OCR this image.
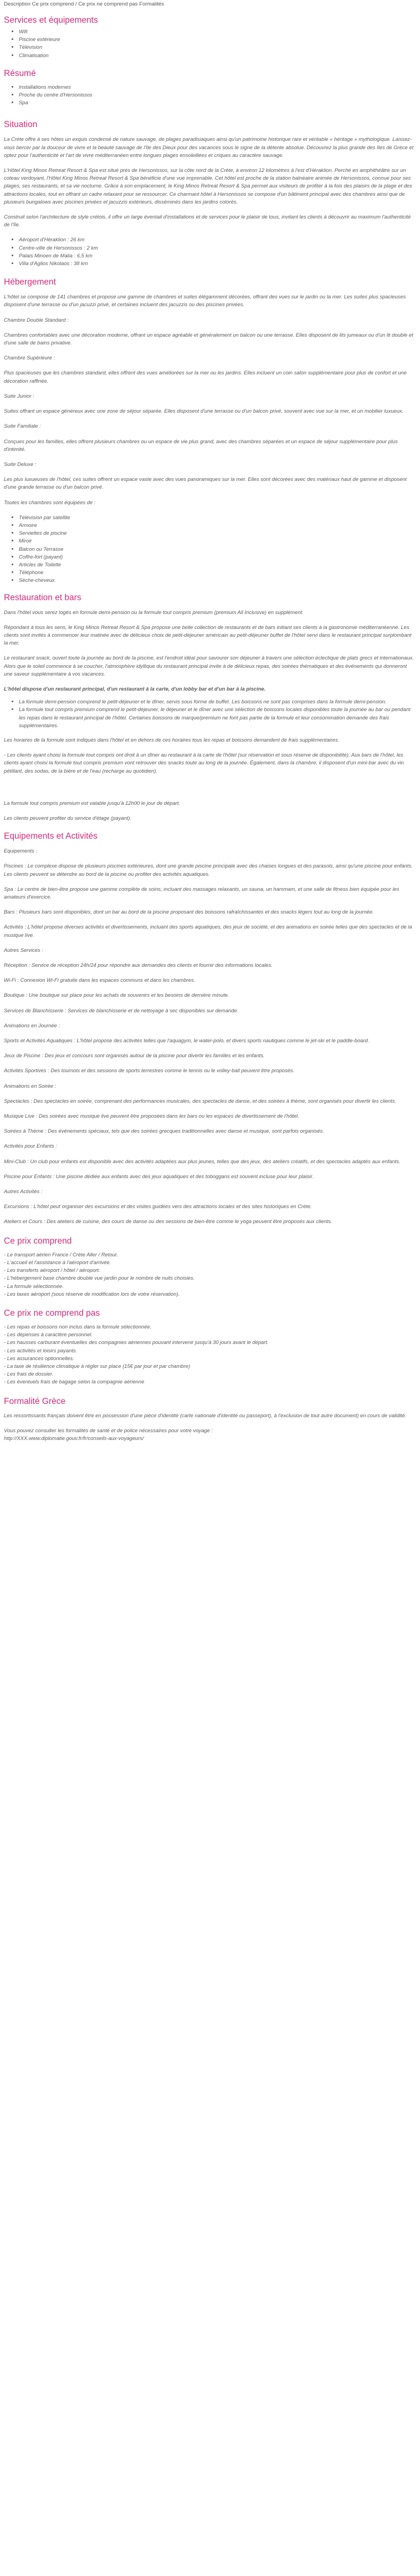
Description Ce prix comprend / Ce prix ne comprend pas Formalités

Services et équipements
• Wifi
• Piscine extérieure
• Télévision
• Climatisation
Résumé
• Installations modernes
• Proche du centre d'Hersonissos
• Spa
Situation

La Crète offre à ses hôtes un exquis condensé de nature sauvage, de plages paradisiaques ainsi qu'un patrimoine historique rare et véritable « héritage » mythologique. Laissez-vous bercer par la douceur de vivre et la beauté sauvage de l'Ile des Dieux pour des vacances sous le signe de la détente absolue. Découvrez la plus grande des îles de Grèce et optez pour l'authenticité et l'art de vivre méditerranéen entre longues plages ensoleillées et criques au caractère sauvage.

L'Hôtel King Minos Retreat Resort & Spa est situé près de Hersonissos, sur la côte nord de la Crète, à environ 12 kilomètres à l'est d'Héraklion. Perché en amphithéâtre sur un coteau verdoyant, l'Hôtel King Minos Retreat Resort & Spa bénéficie d'une vue imprenable. Cet hôtel est proche de la station balnéaire animée de Hersonissos, connue pour ses plages, ses restaurants, et sa vie nocturne. Grâce à son emplacement, le King Minos Retreat Resort & Spa permet aux visiteurs de profiter à la fois des plaisirs de la plage et des attractions locales, tout en offrant un cadre relaxant pour se ressourcer. Ce charmant hôtel à Hersonissos se compose d'un bâtiment principal avec des chambres ainsi que de plusieurs bungalows avec piscines privées et jacuzzis extérieurs, disséminés dans les jardins colorés.

Construit selon l'architecture de style crétois, il offre un large éventail d'installations et de services pour le plaisir de tous, invitant les clients à découvrir au maximum l'authenticité de l'île.

• Aéroport d'Héraklion : 26 km
• Centre-ville de Hersonissos : 2 km
• Palais Minoen de Malia : 6,5 km
• Villa d'Aglios Nikolaos : 38 km
Hébergement

L'hôtel se compose de 141 chambres et propose une gamme de chambres et suites élégamment décorées, offrant des vues sur le jardin ou la mer. Les suites plus spacieuses disposent d'une terrasse ou d'un jacuzzi privé, et certaines incluent des jacuzzis ou des piscines privées.

Chambre Double Standard :

Chambres confortables avec une décoration moderne, offrant un espace agréable et généralement un balcon ou une terrasse. Elles disposent de lits jumeaux ou d'un lit double et d'une salle de bains privative.

Chambre Supérieure :

Plus spacieuses que les chambres standard, elles offrent des vues améliorées sur la mer ou les jardins. Elles incluent un coin salon supplémentaire pour plus de confort et une décoration raffinée.

Suite Junior :

Suites offrant un espace généreux avec une zone de séjour séparée. Elles disposent d'une terrasse ou d'un balcon privé, souvent avec vue sur la mer, et un mobilier luxueux.

Suite Familiale :

Conçues pour les familles, elles offrent plusieurs chambres ou un espace de vie plus grand, avec des chambres séparées et un espace de séjour supplémentaire pour plus d'intimité.

Suite Deluxe :

Les plus luxueuses de l'hôtel, ces suites offrent un espace vaste avec des vues panoramiques sur la mer. Elles sont décorées avec des matériaux haut de gamme et disposent d'une grande terrasse ou d'un balcon privé.

Toutes les chambres sont équipées de :

• Télévision par satellite
• Armoire
• Serviettes de piscine
• Miroir
• Balcon ou Terrasse
• Coffre-fort (payant)
• Articles de Toilette
• Téléphone
• Sèche-cheveux
Restauration et bars

Dans l'hôtel vous serez logés en formule demi-pension ou la formule tout compris premium (premium All Inclusive) en supplément.

Répondant à tous les sens, le King Minos Retreat Resort & Spa propose une belle collection de restaurants et de bars initiant ses clients à la gastronomie méditerranéenne. Les clients sont invités à commencer leur matinée avec de délicieux choix de petit-déjeuner américain au petit-déjeuner buffet de l'hôtel servi dans le restaurant principal surplombant la mer.

Le restaurant snack, ouvert toute la journée au bord de la piscine, est l'endroit idéal pour savourer son déjeuner à travers une sélection éclectique de plats grecs et internationaux. Alors que le soleil commence à se coucher, l'atmosphère idyllique du restaurant principal invite à de délicieux repas, des soirées thématiques et des événements qui donneront une saveur supplémentaire à vos vacances.

L'hôtel dispose d'un restaurant principal, d'un restaurant à la carte, d'un lobby bar et d'un bar à la piscine.

• La formule demi-pension comprend le petit-déjeuner et le dîner, servis sous forme de buffet. Les boissons ne sont pas comprises dans la formule demi-pension.
• La formule tout compris premium comprend le petit-déjeuner, le déjeuner et le dîner avec une sélection de boissons locales disponibles toute la journée au bar ou pendant les repas dans le restaurant principal de l'hôtel. Certaines boissons de marque/premium ne font pas partie de la formule et leur consommation demande des frais supplémentaires.

Les horaires de la formule sont indiqués dans l'hôtel et en dehors de ces horaires tous les repas et boissons demandent de frais supplémentaires.

- Les clients ayant choisi la formule tout compris ont droit à un dîner au restaurant à la carte de l'hôtel (sur réservation et sous réserve de disponibilité). Aux bars de l'hôtel, les clients ayant choisi la formule tout compris premium vont retrouver des snacks toute au long de la journée. Également, dans la chambre, il disposent d'un mini-bar avec du vin pétillant, des sodas, de la bière et de l'eau (recharge au quotidien).

La formule tout compris premium est valable jusqu'à 12h00 le jour de départ.

Les clients peuvent profiter du service d'étage (payant).

Equipements et Activités

Equipements :

Piscines : Le complexe dispose de plusieurs piscines extérieures, dont une grande piscine principale avec des chaises longues et des parasols, ainsi qu'une piscine pour enfants. Les clients peuvent se détendre au bord de la piscine ou profiter des activités aquatiques.

Spa : Le centre de bien-être propose une gamme complète de soins, incluant des massages relaxants, un sauna, un hammam, et une salle de fitness bien équipée pour les amateurs d'exercice.

Bars : Plusieurs bars sont disponibles, dont un bar au bord de la piscine proposant des boissons rafraîchissantes et des snacks légers tout au long de la journée.

Activités : L'hôtel propose diverses activités et divertissements, incluant des sports aquatiques, des jeux de société, et des animations en soirée telles que des spectacles et de la musique live.

Autres Services :

Réception : Service de réception 24h/24 pour répondre aux demandes des clients et fournir des informations locales.

Wi-Fi : Connexion Wi-Fi gratuite dans les espaces communs et dans les chambres.

Boutique : Une boutique sur place pour les achats de souvenirs et les besoins de dernière minute.

Services de Blanchisserie : Services de blanchisserie et de nettoyage à sec disponibles sur demande.

Animations en Journée :

Sports et Activités Aquatiques : L'hôtel propose des activités telles que l'aquagym, le water-polo, et divers sports nautiques comme le jet-ski et le paddle-board.

Jeux de Piscine : Des jeux et concours sont organisés autour de la piscine pour divertir les familles et les enfants.

Activités Sportives : Des tournois et des sessions de sports terrestres comme le tennis ou le volley-ball peuvent être proposés.

Animations en Soirée :

Spectacles : Des spectacles en soirée, comprenant des performances musicales, des spectacles de danse, et des soirées à thème, sont organisés pour divertir les clients.

Musique Live : Des soirées avec musique live peuvent être proposées dans les bars ou les espaces de divertissement de l'hôtel.

Soirées à Thème : Des événements spéciaux, tels que des soirées grecques traditionnelles avec danse et musique, sont parfois organisés.

Activités pour Enfants :

Mini-Club : Un club pour enfants est disponible avec des activités adaptées aux plus jeunes, telles que des jeux, des ateliers créatifs, et des spectacles adaptés aux enfants.

Piscine pour Enfants : Une piscine dédiée aux enfants avec des jeux aquatiques et des toboggans est souvent incluse pour leur plaisir.

Autres Activités :

Excursions : L'hôtel peut organiser des excursions et des visites guidées vers des attractions locales et des sites historiques en Crète.

Ateliers et Cours : Des ateliers de cuisine, des cours de danse ou des sessions de bien-être comme le yoga peuvent être proposés aux clients.

Ce prix comprend

- Le transport aérien France / Crète Aller / Retour.

- L'accueil et l'assistance à l'aéroport d'arrivée.

- Les transferts aéroport / hôtel / aéroport.

- L'hébergement base chambre double vue jardin pour le nombre de nuits choisies.

- La formule sélectionnée.

- Les taxes aéroport (sous réserve de modification lors de votre réservation).

Ce prix ne comprend pas

- Les repas et boissons non inclus dans la formule sélectionnée.

- Les dépenses à caractère personnel.

- Les hausses carburant éventuelles des compagnies aériennes pouvant intervenir jusqu'à 30 jours avant le départ.

- Les activités et loisirs payants.

- Les assurances optionnelles.

- La taxe de résilience climatique à régler sur place (15€ par jour et par chambre)

- Les frais de dossier.

- Les éventuels frais de bagage selon la compagnie aérienne

Formalité Grèce

Les ressortissants français doivent être en possession d'une pièce d'identité (carte nationale d'identité ou passeport), à l'exclusion de tout autre document) en cours de validité.

Vous pouvez consulter les formalités de santé et de police nécessaires pour votre voyage :

http://XXX.www.diplomatie.gouv.fr/fr/conseils-aux-voyageurs/
